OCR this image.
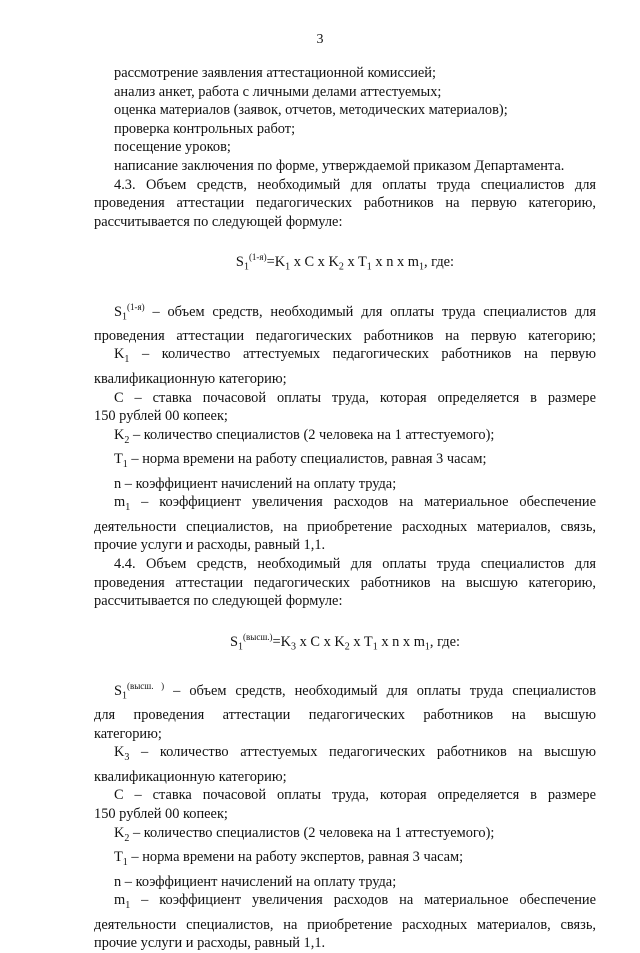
3
рассмотрение заявления аттестационной комиссией;
анализ анкет, работа с личными делами аттестуемых;
оценка материалов (заявок, отчетов, методических материалов);
проверка контрольных работ;
посещение уроков;
написание заключения по форме, утверждаемой приказом Департамента.
4.3. Объем средств, необходимый для оплаты труда специалистов для
проведения аттестации педагогических работников на первую категорию,
рассчитывается по следующей формуле:
$S_1^{(1-я)}=K_1$ x C x $K_2$ x $T_1$ x n x $m_1$, где:
$S_1^{(1-я)}$ – объем средств, необходимый для оплаты труда специалистов для
проведения аттестации педагогических работников на первую категорию;
$K_1$ – количество аттестуемых педагогических работников на первую
квалификационную категорию;
С – ставка почасовой оплаты труда, которая определяется в размере
150 рублей 00 копеек;
$K_2$ – количество специалистов (2 человека на 1 аттестуемого);
$T_1$ – норма времени на работу специалистов, равная 3 часам;
n – коэффициент начислений на оплату труда;
$m_1$ – коэффициент увеличения расходов на материальное обеспечение
деятельности специалистов, на приобретение расходных материалов, связь,
прочие услуги и расходы, равный 1,1.
4.4. Объем средств, необходимый для оплаты труда специалистов для
проведения аттестации педагогических работников на высшую категорию,
рассчитывается по следующей формуле:
$S_1^{(высш.)}=K_3$ x C x $K_2$ x $T_1$ x n x $m_1$, где:
$S_1^{(высш. )}$ – объем средств, необходимый для оплаты труда специалистов
для проведения аттестации педагогических работников на высшую
категорию;
$K_3$ – количество аттестуемых педагогических работников на высшую
квалификационную категорию;
С – ставка почасовой оплаты труда, которая определяется в размере
150 рублей 00 копеек;
$K_2$ – количество специалистов (2 человека на 1 аттестуемого);
$T_1$ – норма времени на работу экспертов, равная 3 часам;
n – коэффициент начислений на оплату труда;
$m_1$ – коэффициент увеличения расходов на материальное обеспечение
деятельности специалистов, на приобретение расходных материалов, связь,
прочие услуги и расходы, равный 1,1.
